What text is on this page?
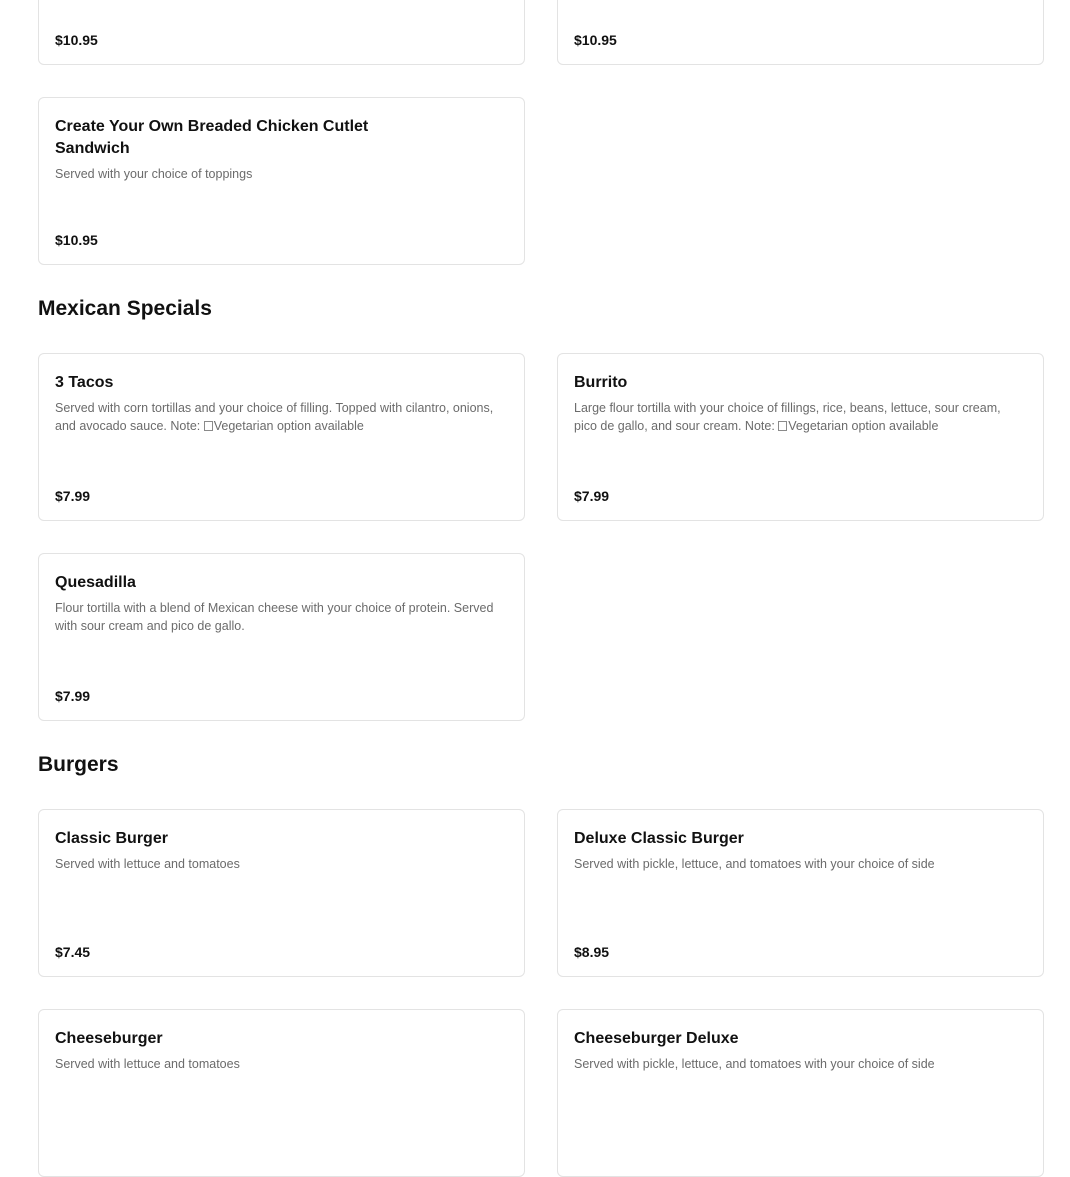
$10.95	$10.95
Create Your Own Breaded Chicken Cutlet Sandwich
Served with your choice of toppings
$10.95
Mexican Specials
3 Tacos
Served with corn tortillas and your choice of filling. Topped with cilantro, onions, and avocado sauce. Note: Vegetarian option available
$7.99
Burrito
Large flour tortilla with your choice of fillings, rice, beans, lettuce, sour cream, pico de gallo, and sour cream. Note: Vegetarian option available
$7.99
Quesadilla
Flour tortilla with a blend of Mexican cheese with your choice of protein. Served with sour cream and pico de gallo.
$7.99
Burgers
Classic Burger
Served with lettuce and tomatoes
$7.45
Deluxe Classic Burger
Served with pickle, lettuce, and tomatoes with your choice of side
$8.95
Cheeseburger
Served with lettuce and tomatoes
Cheeseburger Deluxe
Served with pickle, lettuce, and tomatoes with your choice of side
